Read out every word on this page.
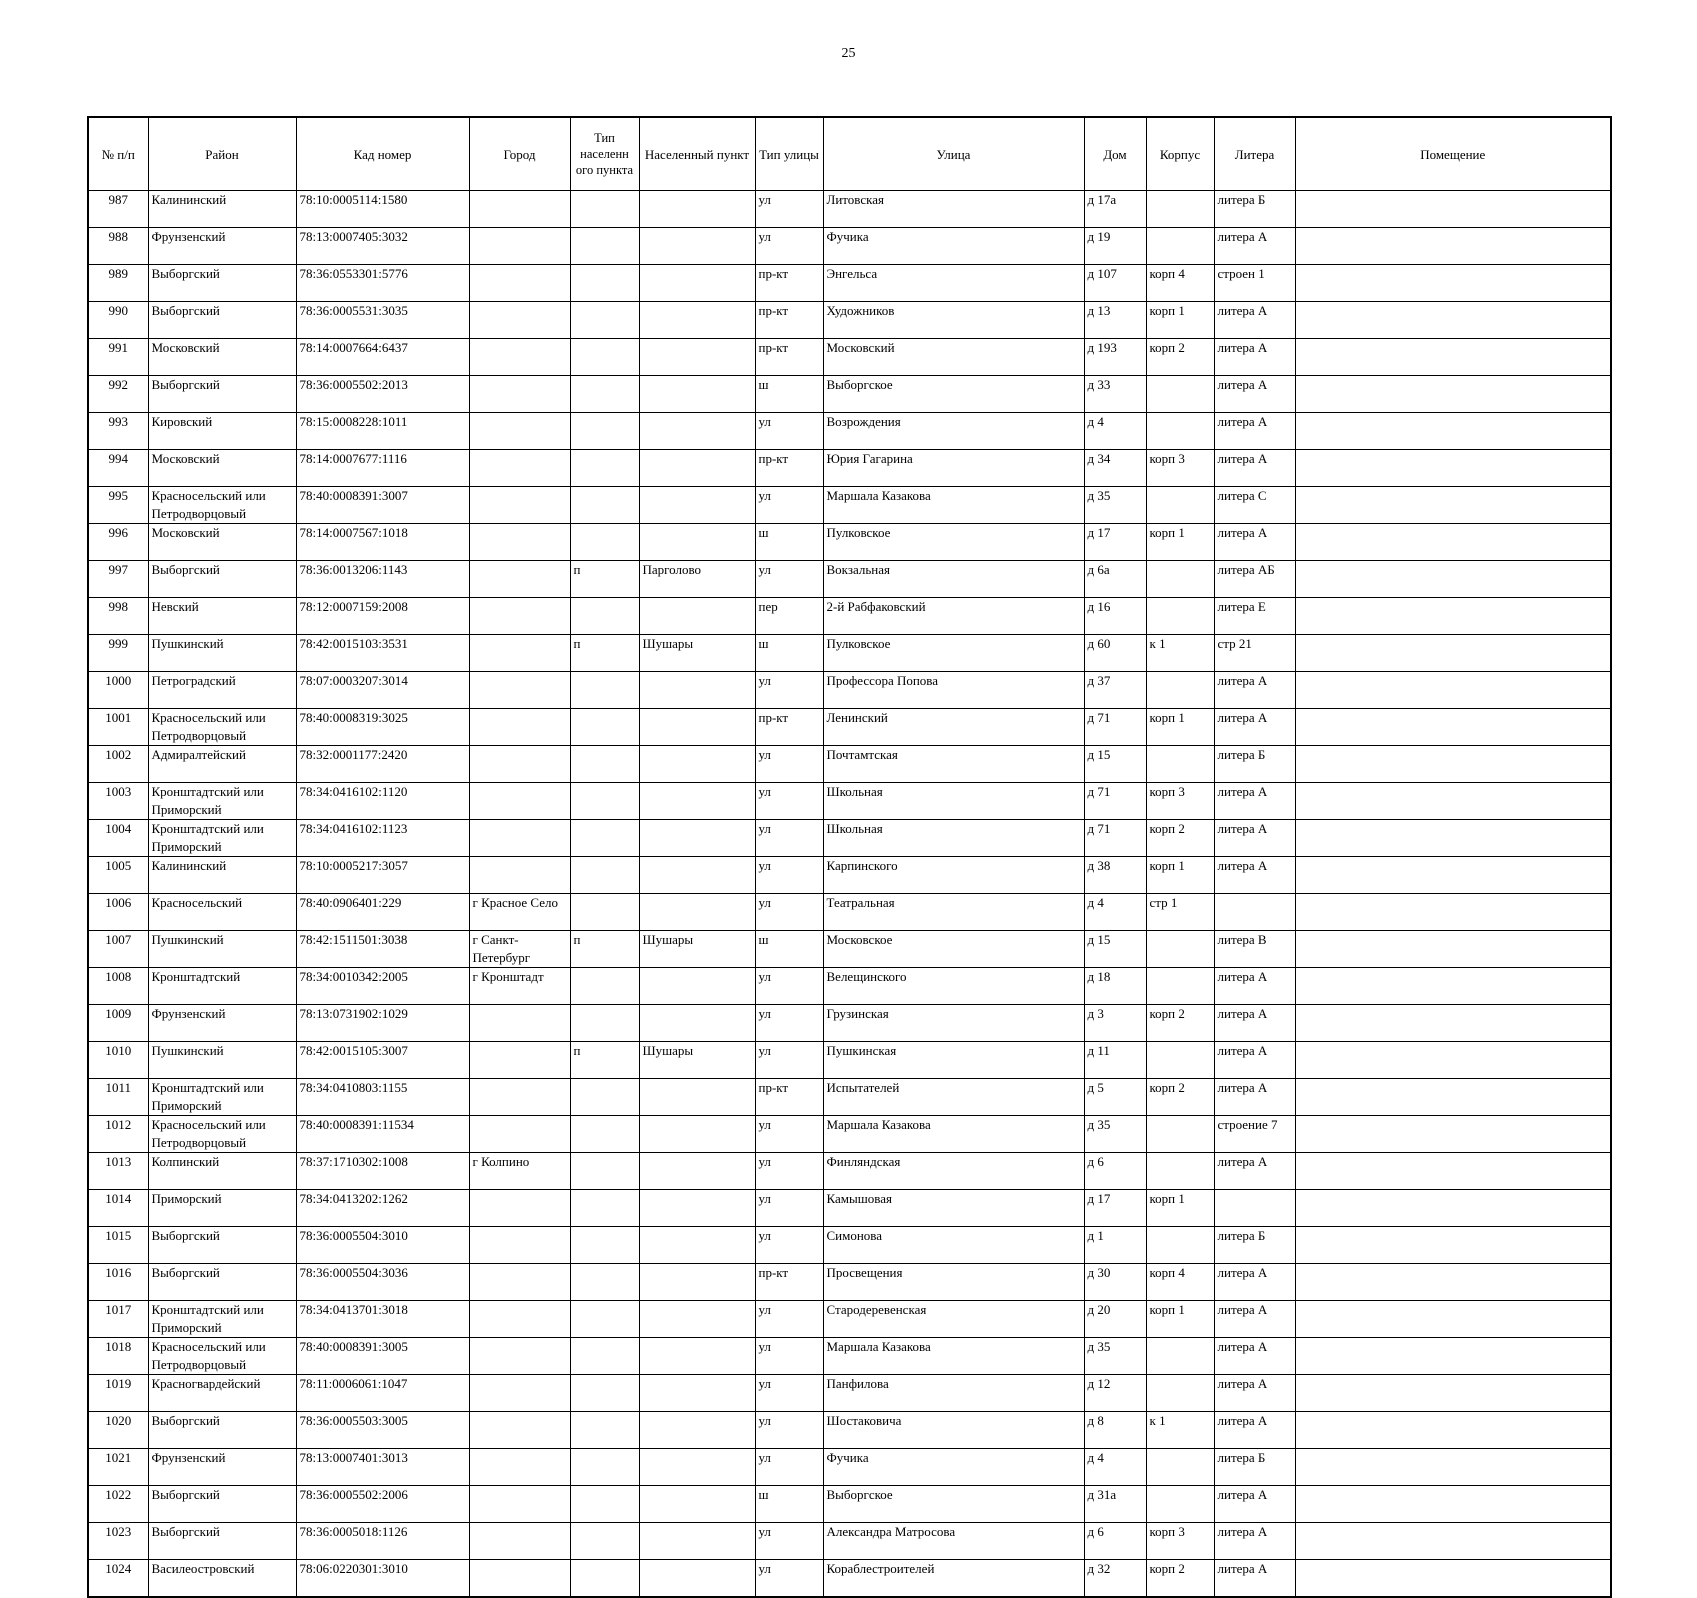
25
№ п/п	Район	Кад номер	Город	Тип населенн ого пункта	Населенный пункт	Тип улицы	Улица	Дом	Корпус	Литера	Помещение
987	Калининский	78:10:0005114:1580				ул	Литовская	д 17а		литера Б	
988	Фрунзенский	78:13:0007405:3032				ул	Фучика	д 19		литера А	
989	Выборгский	78:36:0553301:5776				пр-кт	Энгельса	д 107	корп 4	строен 1	
990	Выборгский	78:36:0005531:3035				пр-кт	Художников	д 13	корп 1	литера А	
991	Московский	78:14:0007664:6437				пр-кт	Московский	д 193	корп 2	литера А	
992	Выборгский	78:36:0005502:2013				ш	Выборгское	д 33		литера А	
993	Кировский	78:15:0008228:1011				ул	Возрождения	д 4		литера А	
994	Московский	78:14:0007677:1116				пр-кт	Юрия Гагарина	д 34	корп 3	литера А	
995	Красносельский или Петродворцовый	78:40:0008391:3007				ул	Маршала Казакова	д 35		литера С	
996	Московский	78:14:0007567:1018				ш	Пулковское	д 17	корп 1	литера А	
997	Выборгский	78:36:0013206:1143		п	Парголово	ул	Вокзальная	д 6а		литера АБ	
998	Невский	78:12:0007159:2008				пер	2-й Рабфаковский	д 16		литера Е	
999	Пушкинский	78:42:0015103:3531		п	Шушары	ш	Пулковское	д 60	к 1	стр 21	
1000	Петроградский	78:07:0003207:3014				ул	Профессора Попова	д 37		литера А	
1001	Красносельский или Петродворцовый	78:40:0008319:3025				пр-кт	Ленинский	д 71	корп 1	литера А	
1002	Адмиралтейский	78:32:0001177:2420				ул	Почтамтская	д 15		литера Б	
1003	Кронштадтский или Приморский	78:34:0416102:1120				ул	Школьная	д 71	корп 3	литера А	
1004	Кронштадтский или Приморский	78:34:0416102:1123				ул	Школьная	д 71	корп 2	литера А	
1005	Калининский	78:10:0005217:3057				ул	Карпинского	д 38	корп 1	литера А	
1006	Красносельский	78:40:0906401:229	г Красное Село			ул	Театральная	д 4	стр 1		
1007	Пушкинский	78:42:1511501:3038	г Санкт-Петербург	п	Шушары	ш	Московское	д 15		литера В	
1008	Кронштадтский	78:34:0010342:2005	г Кронштадт			ул	Велещинского	д 18		литера А	
1009	Фрунзенский	78:13:0731902:1029				ул	Грузинская	д 3	корп 2	литера А	
1010	Пушкинский	78:42:0015105:3007		п	Шушары	ул	Пушкинская	д 11		литера А	
1011	Кронштадтский или Приморский	78:34:0410803:1155				пр-кт	Испытателей	д 5	корп 2	литера А	
1012	Красносельский или Петродворцовый	78:40:0008391:11534				ул	Маршала Казакова	д 35		строение 7	
1013	Колпинский	78:37:1710302:1008	г Колпино			ул	Финляндская	д 6		литера А	
1014	Приморский	78:34:0413202:1262				ул	Камышовая	д 17	корп 1		
1015	Выборгский	78:36:0005504:3010				ул	Симонова	д 1		литера Б	
1016	Выборгский	78:36:0005504:3036				пр-кт	Просвещения	д 30	корп 4	литера А	
1017	Кронштадтский или Приморский	78:34:0413701:3018				ул	Стародеревенская	д 20	корп 1	литера А	
1018	Красносельский или Петродворцовый	78:40:0008391:3005				ул	Маршала Казакова	д 35		литера А	
1019	Красногвардейский	78:11:0006061:1047				ул	Панфилова	д 12		литера А	
1020	Выборгский	78:36:0005503:3005				ул	Шостаковича	д 8	к 1	литера А	
1021	Фрунзенский	78:13:0007401:3013				ул	Фучика	д 4		литера Б	
1022	Выборгский	78:36:0005502:2006				ш	Выборгское	д 31а		литера А	
1023	Выборгский	78:36:0005018:1126				ул	Александра Матросова	д 6	корп 3	литера А	
1024	Василеостровский	78:06:0220301:3010				ул	Кораблестроителей	д 32	корп 2	литера А	
